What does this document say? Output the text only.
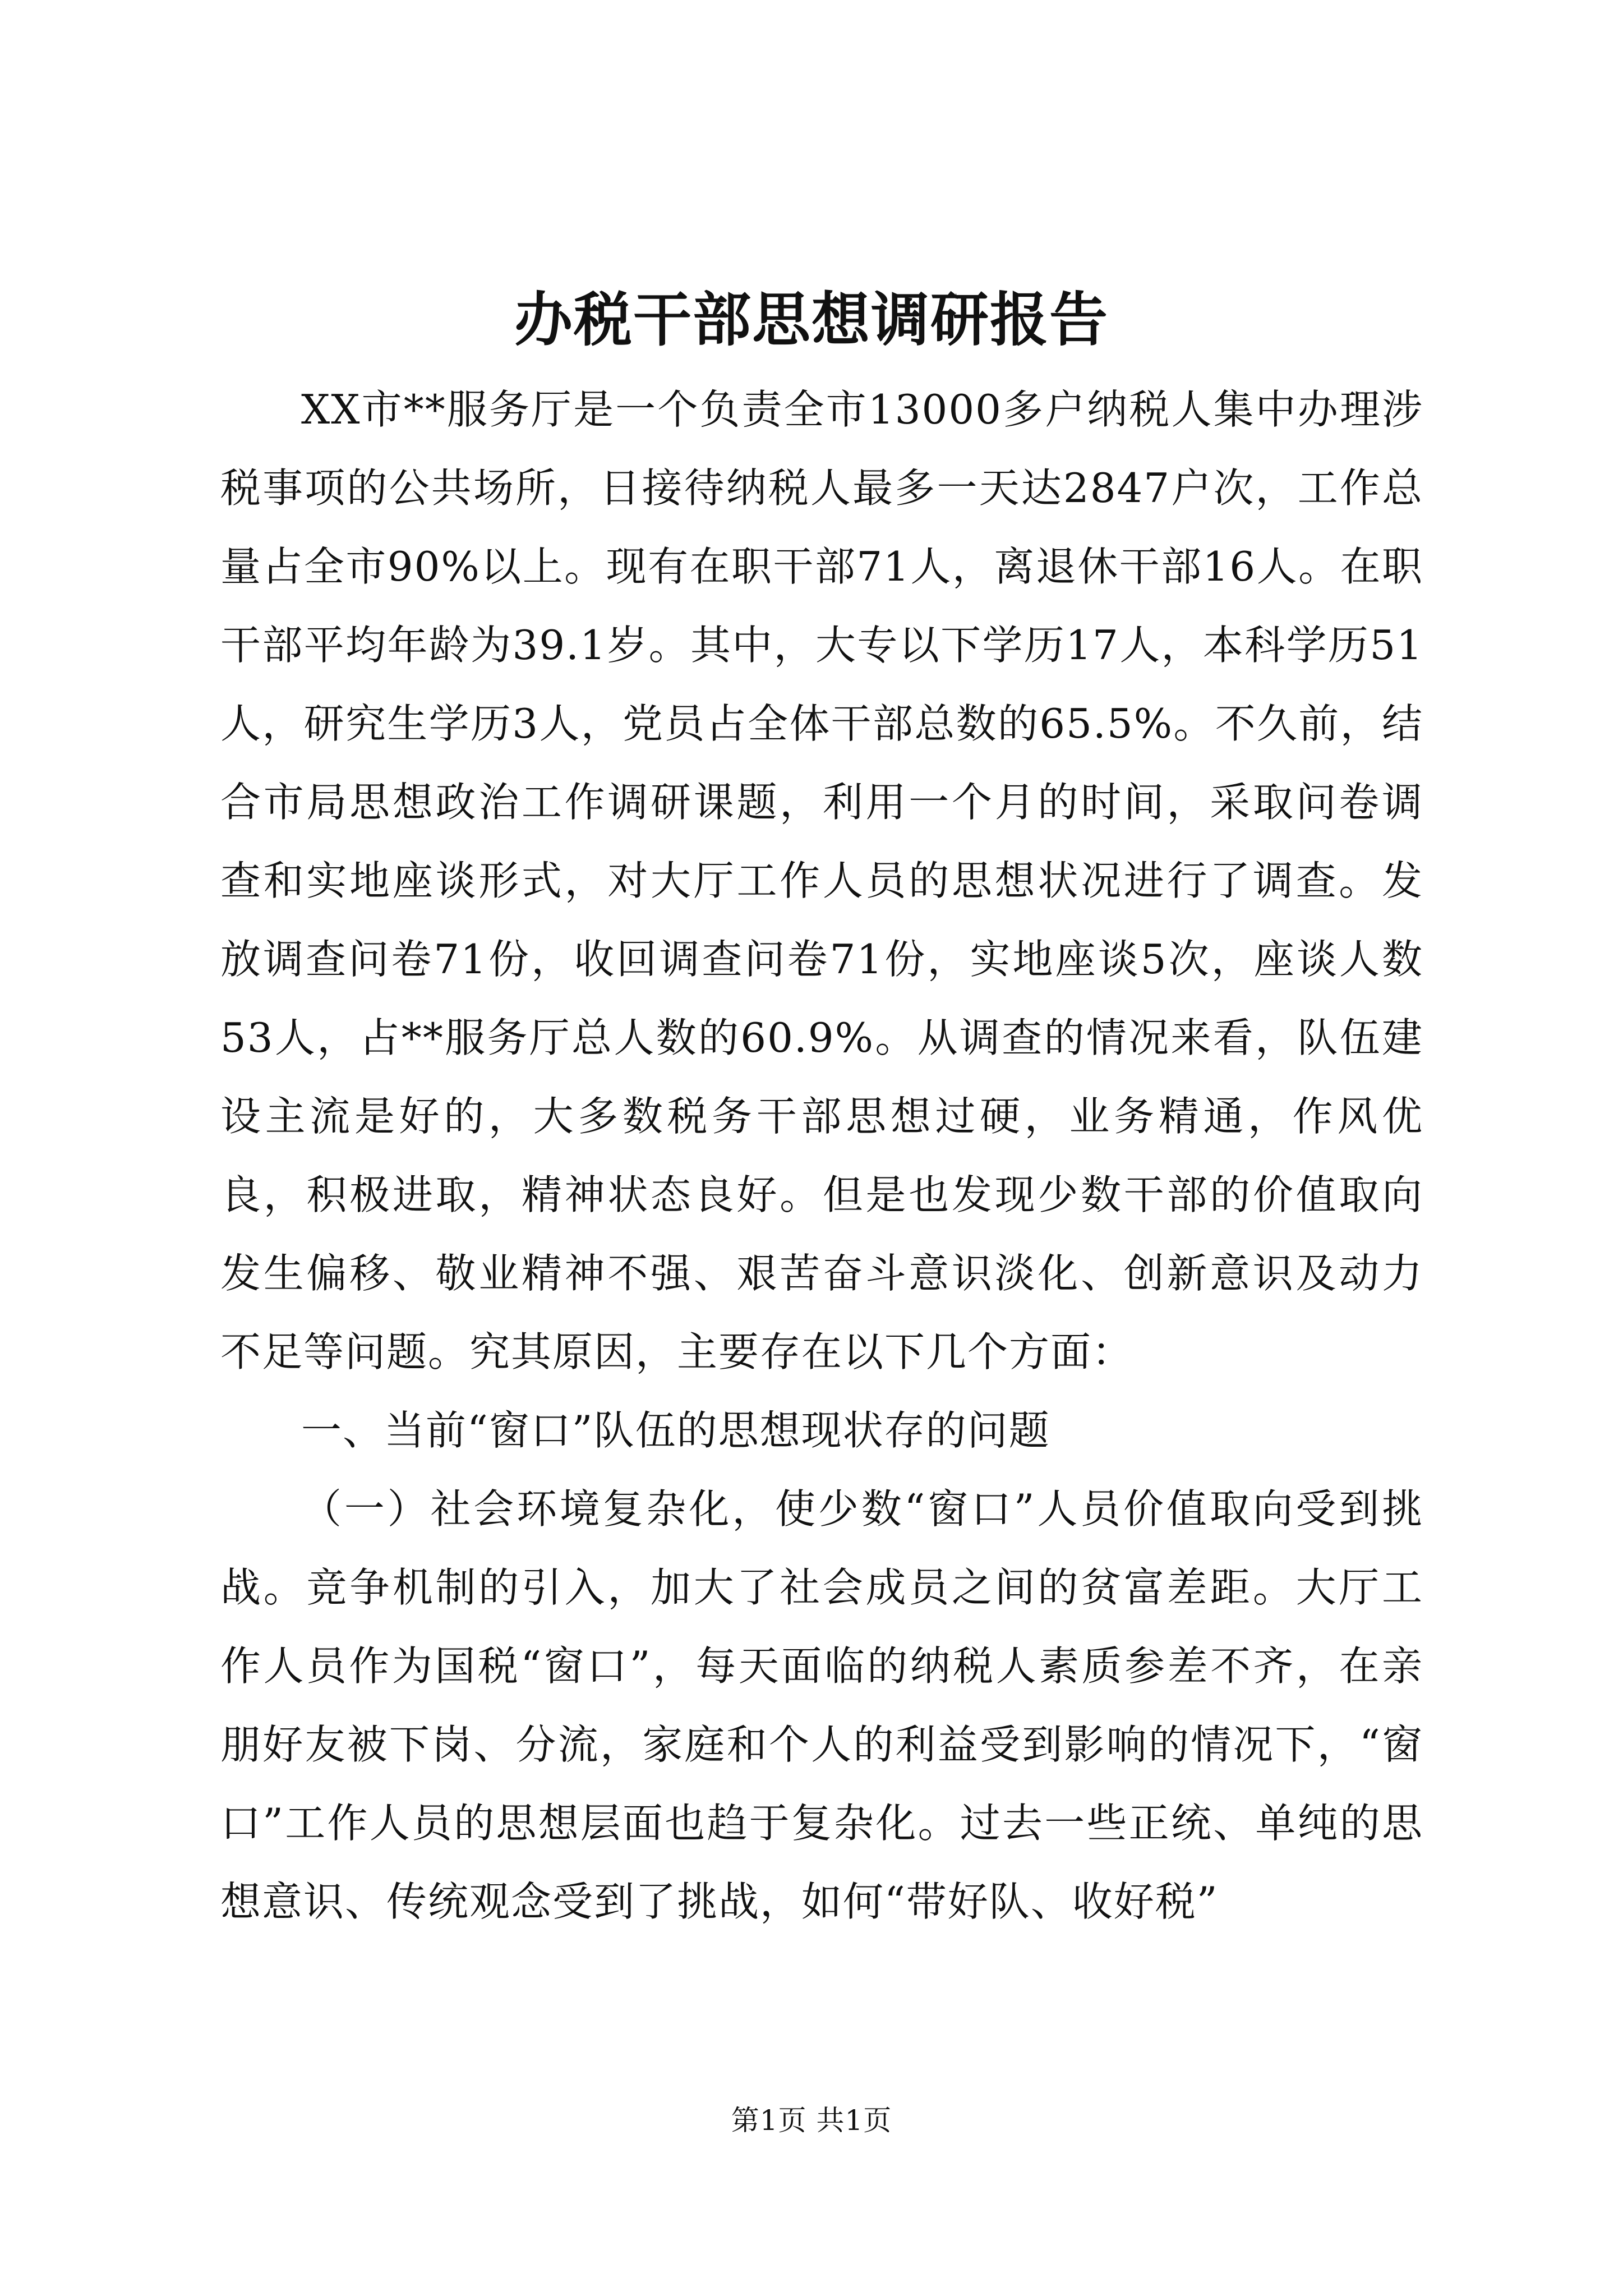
办税干部思想调研报告

XX市**服务厅是一个负责全市13000多户纳税人集中办理涉税事项的公共场所，日接待纳税人最多一天达2847户次，工作总量占全市90%以上。现有在职干部71人，离退休干部16人。在职干部平均年龄为39.1岁。其中，大专以下学历17人，本科学历51人，研究生学历3人，党员占全体干部总数的65.5%。不久前，结合市局思想政治工作调研课题，利用一个月的时间，采取问卷调查和实地座谈形式，对大厅工作人员的思想状况进行了调查。发放调查问卷71份，收回调查问卷71份，实地座谈5次，座谈人数53人，占**服务厅总人数的60.9%。从调查的情况来看，队伍建设主流是好的，大多数税务干部思想过硬，业务精通，作风优良，积极进取，精神状态良好。但是也发现少数干部的价值取向发生偏移、敬业精神不强、艰苦奋斗意识淡化、创新意识及动力不足等问题。究其原因，主要存在以下几个方面：

一、当前“窗口”队伍的思想现状存的问题

（一）社会环境复杂化，使少数“窗口”人员价值取向受到挑战。竞争机制的引入，加大了社会成员之间的贫富差距。大厅工作人员作为国税“窗口”，每天面临的纳税人素质参差不齐，在亲朋好友被下岗、分流，家庭和个人的利益受到影响的情况下，“窗口”工作人员的思想层面也趋于复杂化。过去一些正统、单纯的思想意识、传统观念受到了挑战，如何“带好队、收好税”

第1页 共1页
